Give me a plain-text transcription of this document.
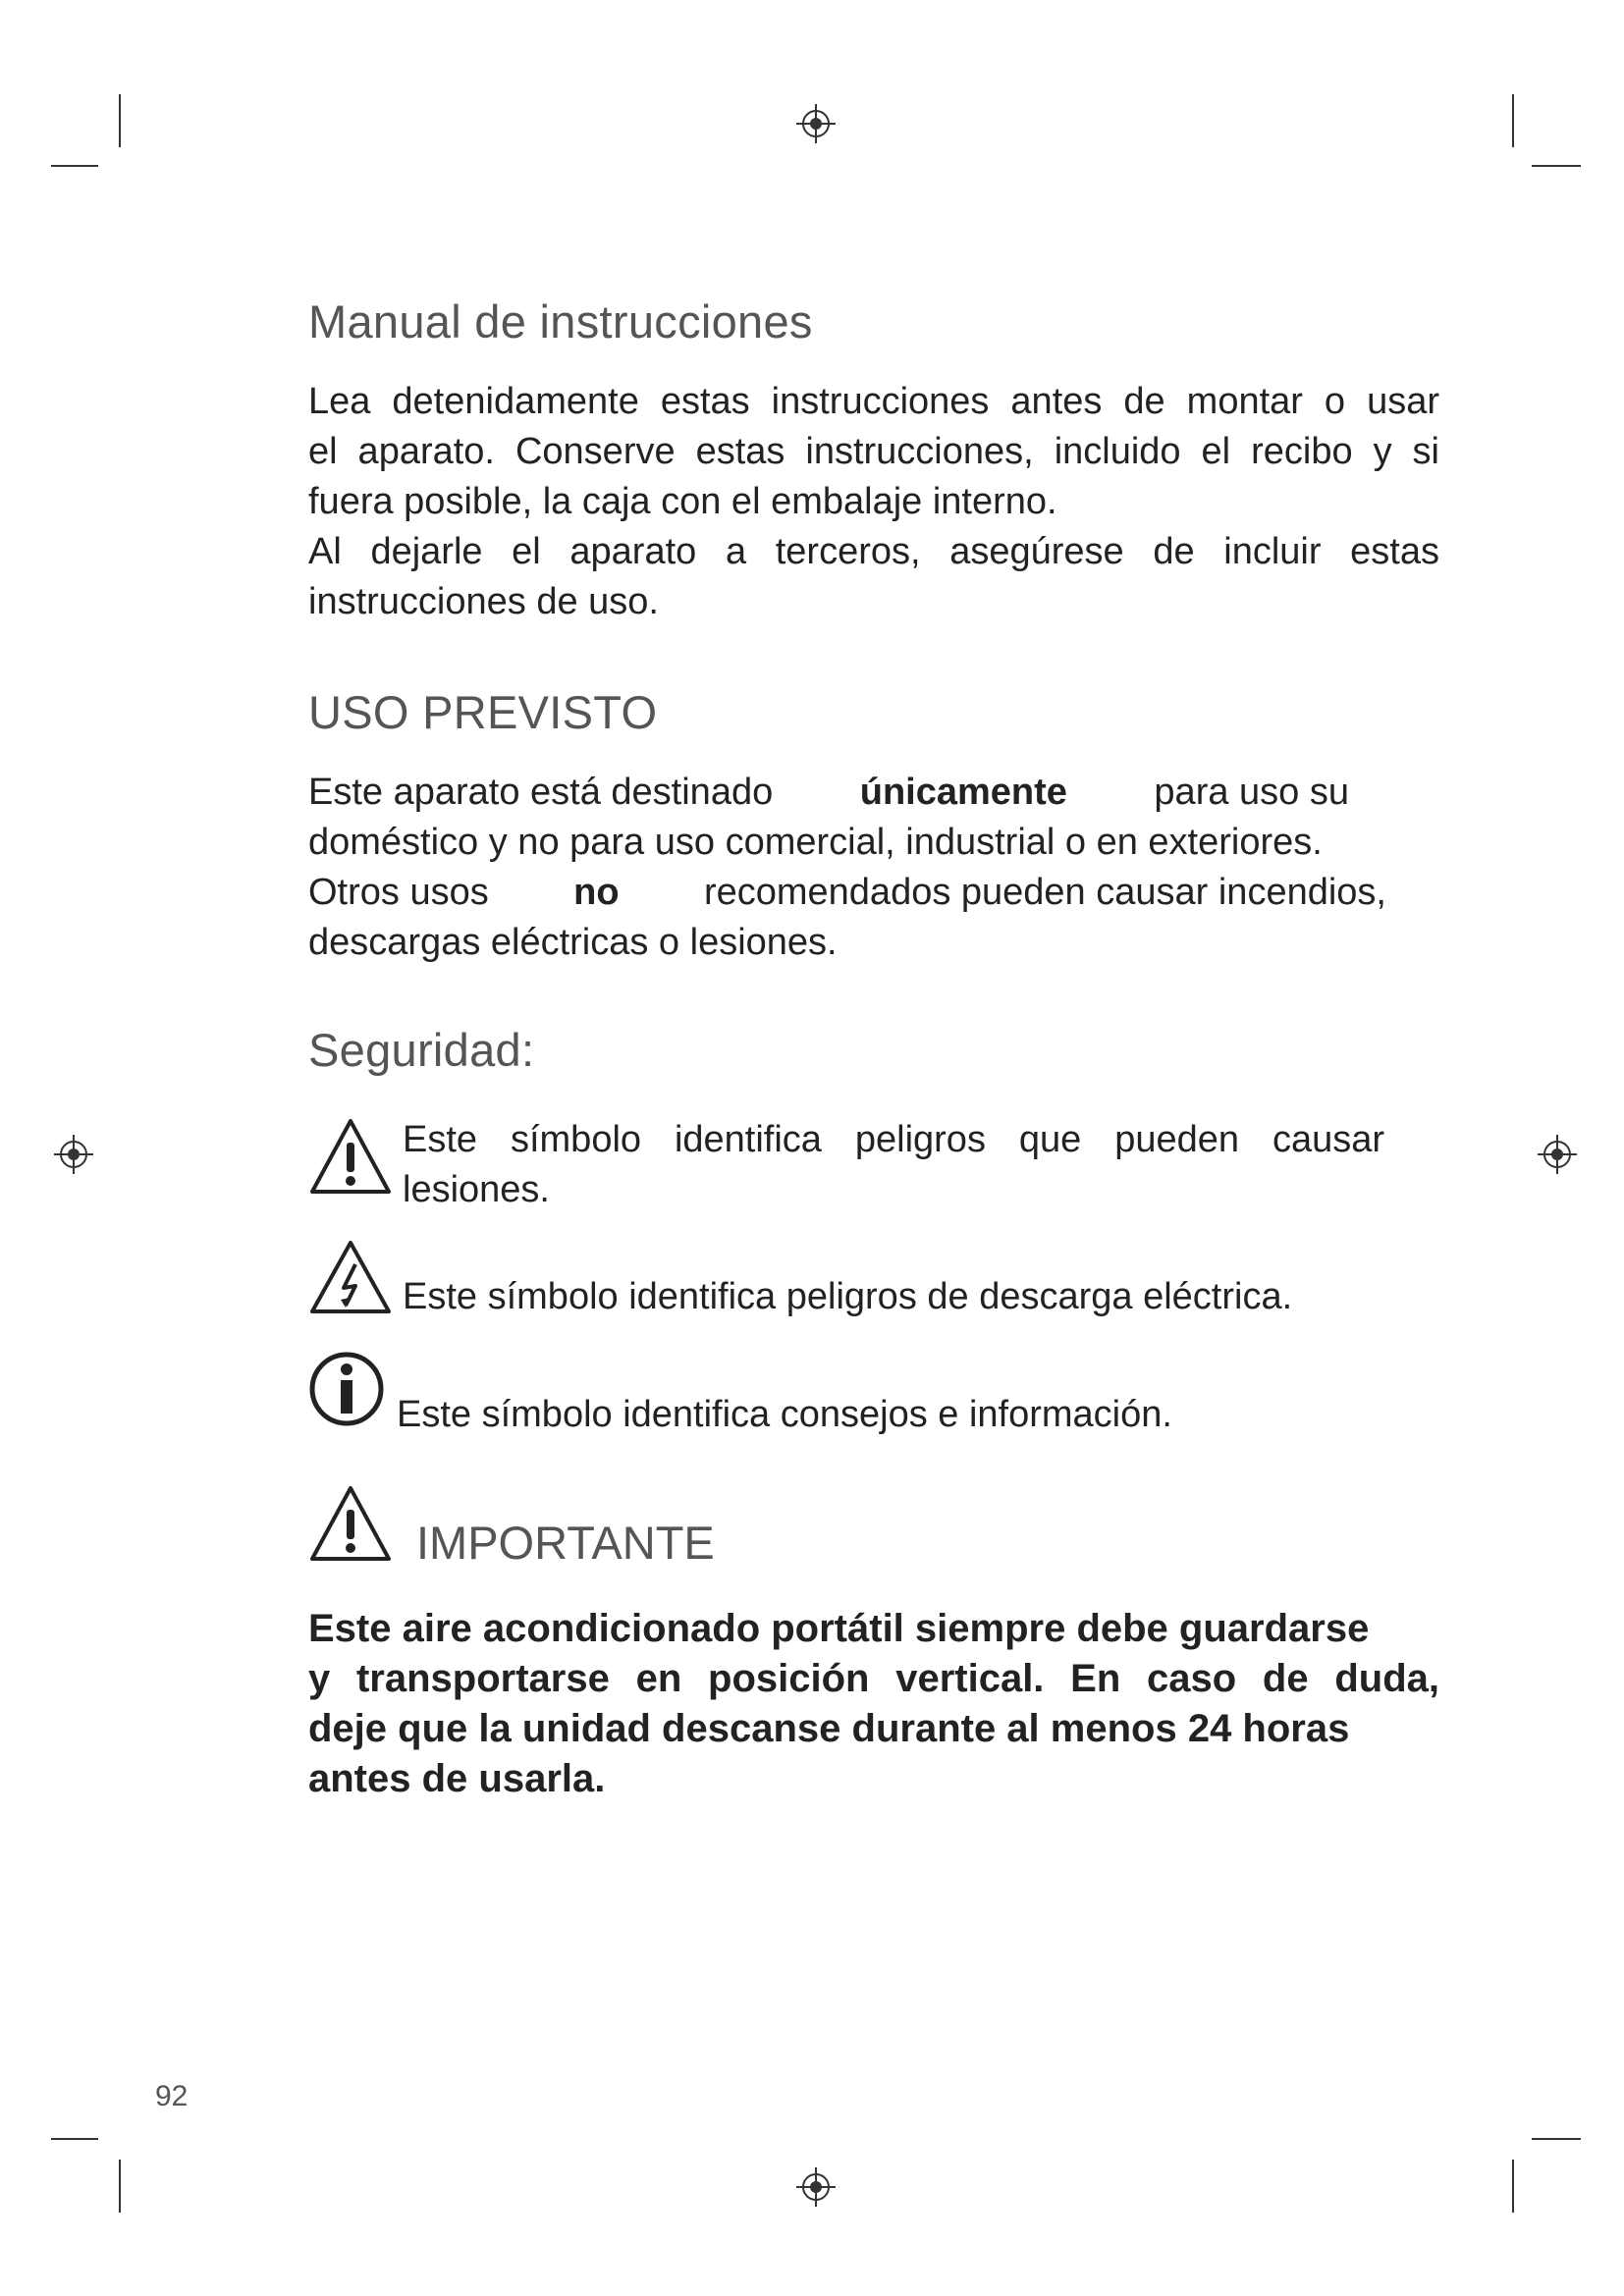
Manual de instrucciones

Lea detenidamente estas instrucciones antes de montar o usar

el aparato. Conserve estas instrucciones, incluido el recibo y si

fuera posible, la caja con el embalaje interno.

Al dejarle el aparato a terceros, asegúrese de incluir estas

instrucciones de uso.

USO PREVISTO

Este aparato está destinado únicamente para uso su

doméstico y no para uso comercial, industrial o en exteriores.

Otros usos no recomendados pueden causar incendios,

descargas eléctricas o lesiones.

Seguridad:
Este símbolo identifica peligros que pueden causar
lesiones.
Este símbolo identifica peligros de descarga eléctrica.
Este símbolo identifica consejos e información.
IMPORTANTE
Este aire acondicionado portátil siempre debe guardarse
y transportarse en posición vertical. En caso de duda,
deje que la unidad descanse durante al menos 24 horas
antes de usarla.
92
